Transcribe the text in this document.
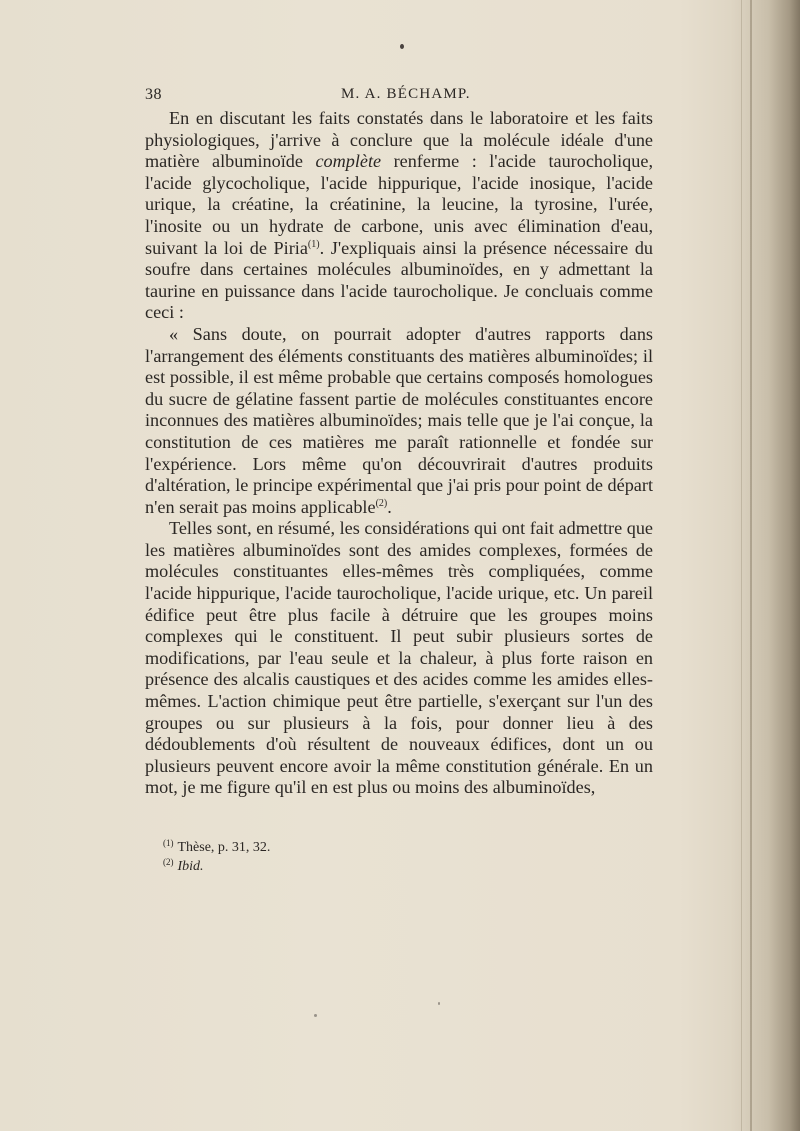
38	M. A. BÉCHAMP.

En en discutant les faits constatés dans le laboratoire et les faits physiologiques, j'arrive à conclure que la molécule idéale d'une matière albuminoïde complète renferme : l'acide taurocholique, l'acide glycocholique, l'acide hippurique, l'acide inosique, l'acide urique, la créatine, la créatinine, la leucine, la tyrosine, l'urée, l'inosite ou un hydrate de carbone, unis avec élimination d'eau, suivant la loi de Piria$^{(1)}$. J'expliquais ainsi la présence nécessaire du soufre dans certaines molécules albuminoïdes, en y admettant la taurine en puissance dans l'acide taurocholique. Je concluais comme ceci :

« Sans doute, on pourrait adopter d'autres rapports dans l'arrangement des éléments constituants des matières albuminoïdes; il est possible, il est même probable que certains composés homologues du sucre de gélatine fassent partie de molécules constituantes encore inconnues des matières albuminoïdes; mais telle que je l'ai conçue, la constitution de ces matières me paraît rationnelle et fondée sur l'expérience. Lors même qu'on découvrirait d'autres produits d'altération, le principe expérimental que j'ai pris pour point de départ n'en serait pas moins applicable$^{(2)}$.

Telles sont, en résumé, les considérations qui ont fait admettre que les matières albuminoïdes sont des amides complexes, formées de molécules constituantes elles-mêmes très compliquées, comme l'acide hippurique, l'acide taurocholique, l'acide urique, etc. Un pareil édifice peut être plus facile à détruire que les groupes moins complexes qui le constituent. Il peut subir plusieurs sortes de modifications, par l'eau seule et la chaleur, à plus forte raison en présence des alcalis caustiques et des acides comme les amides elles-mêmes. L'action chimique peut être partielle, s'exerçant sur l'un des groupes ou sur plusieurs à la fois, pour donner lieu à des dédoublements d'où résultent de nouveaux édifices, dont un ou plusieurs peuvent encore avoir la même constitution générale. En un mot, je me figure qu'il en est plus ou moins des albuminoïdes,

$^{(1)}$ Thèse, p. 31, 32.

$^{(2)}$ Ibid.
